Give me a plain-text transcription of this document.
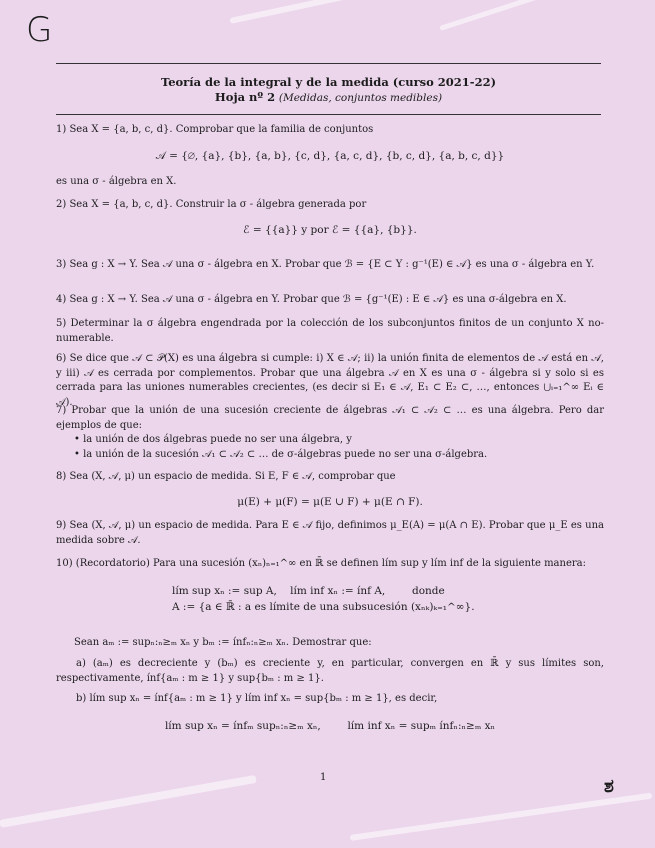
G
ಶ
Teoría de la integral y de la medida (curso 2021-22)
Hoja nº 2 (Medidas, conjuntos medibles)
1) Sea X = {a, b, c, d}. Comprobar que la familia de conjuntos
𝒜 = {∅, {a}, {b}, {a, b}, {c, d}, {a, c, d}, {b, c, d}, {a, b, c, d}}
es una σ - álgebra en X.
2) Sea X = {a, b, c, d}. Construir la σ - álgebra generada por
ℰ = {{a}} y por ℰ = {{a}, {b}}.
3) Sea g : X → Y. Sea 𝒜 una σ - álgebra en X. Probar que ℬ = {E ⊂ Y : g⁻¹(E) ∈ 𝒜} es una σ - álgebra en Y.
4) Sea g : X → Y. Sea 𝒜 una σ - álgebra en Y. Probar que ℬ = {g⁻¹(E) : E ∈ 𝒜} es una σ-álgebra en X.
5) Determinar la σ álgebra engendrada por la colección de los subconjuntos finitos de un conjunto X no-numerable.
6) Se dice que 𝒜 ⊂ 𝒫(X) es una álgebra si cumple: i) X ∈ 𝒜; ii) la unión finita de elementos de 𝒜 está en 𝒜, y iii) 𝒜 es cerrada por complementos. Probar que una álgebra 𝒜 en X es una σ - álgebra si y solo si es cerrada para las uniones numerables crecientes, (es decir si E₁ ∈ 𝒜, E₁ ⊂ E₂ ⊂, …, entonces ⋃ᵢ₌₁^∞ Eᵢ ∈ 𝒜).
7) Probar que la unión de una sucesión creciente de álgebras 𝒜₁ ⊂ 𝒜₂ ⊂ … es una álgebra. Pero dar ejemplos de que:
• la unión de dos álgebras puede no ser una álgebra, y
• la unión de la sucesión 𝒜₁ ⊂ 𝒜₂ ⊂ … de σ-álgebras puede no ser una σ-álgebra.
8) Sea (X, 𝒜, μ) un espacio de medida. Si E, F ∈ 𝒜, comprobar que
μ(E) + μ(F) = μ(E ∪ F) + μ(E ∩ F).
9) Sea (X, 𝒜, μ) un espacio de medida. Para E ∈ 𝒜 fijo, definimos μ_E(A) = μ(A ∩ E). Probar que μ_E es una medida sobre 𝒜.
10) (Recordatorio) Para una sucesión (xₙ)ₙ₌₁^∞ en ℝ̄ se definen lím sup y lím inf de la siguiente manera:
lím sup xₙ := sup A,    lím inf xₙ := ínf A,        donde
A := {a ∈ ℝ̄ : a es límite de una subsucesión (xₙₖ)ₖ₌₁^∞}.
Sean aₘ := supₙ:ₙ≥ₘ xₙ y bₘ := ínfₙ:ₙ≥ₘ xₙ. Demostrar que:
a) (aₘ) es decreciente y (bₘ) es creciente y, en particular, convergen en ℝ̄ y sus límites son, respectivamente, ínf{aₘ : m ≥ 1} y sup{bₘ : m ≥ 1}.
b) lím sup xₙ = ínf{aₘ : m ≥ 1} y lím inf xₙ = sup{bₘ : m ≥ 1}, es decir,
lím sup xₙ = ínfₘ supₙ:ₙ≥ₘ xₙ,        lím inf xₙ = supₘ ínfₙ:ₙ≥ₘ xₙ
1
